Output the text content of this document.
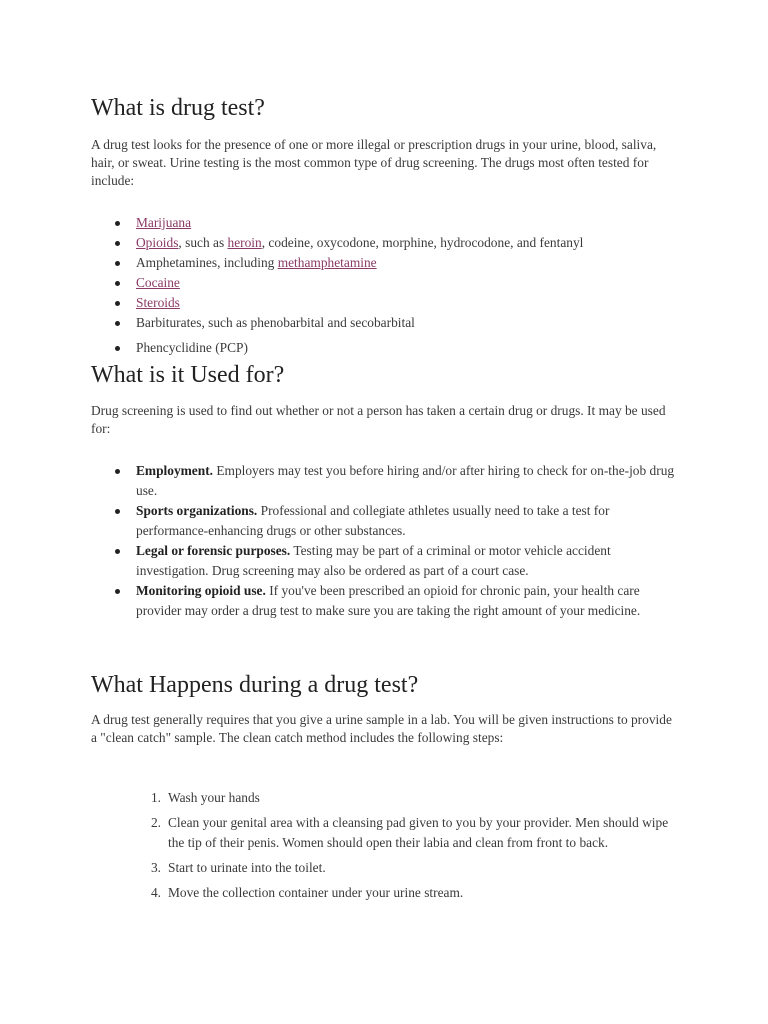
What is drug test?

A drug test looks for the presence of one or more illegal or prescription drugs in your urine, blood, saliva, hair, or sweat. Urine testing is the most common type of drug screening. The drugs most often tested for include:

Marijuana
Opioids, such as heroin, codeine, oxycodone, morphine, hydrocodone, and fentanyl
Amphetamines, including methamphetamine
Cocaine
Steroids
Barbiturates, such as phenobarbital and secobarbital
Phencyclidine (PCP)
What is it Used for?

Drug screening is used to find out whether or not a person has taken a certain drug or drugs. It may be used for:

Employment. Employers may test you before hiring and/or after hiring to check for on-the-job drug use.
Sports organizations. Professional and collegiate athletes usually need to take a test for performance-enhancing drugs or other substances.
Legal or forensic purposes. Testing may be part of a criminal or motor vehicle accident investigation. Drug screening may also be ordered as part of a court case.
Monitoring opioid use. If you've been prescribed an opioid for chronic pain, your health care provider may order a drug test to make sure you are taking the right amount of your medicine.
What Happens during a drug test?

A drug test generally requires that you give a urine sample in a lab. You will be given instructions to provide a "clean catch" sample. The clean catch method includes the following steps:

1. Wash your hands
2. Clean your genital area with a cleansing pad given to you by your provider. Men should wipe the tip of their penis. Women should open their labia and clean from front to back.
3. Start to urinate into the toilet.
4. Move the collection container under your urine stream.
